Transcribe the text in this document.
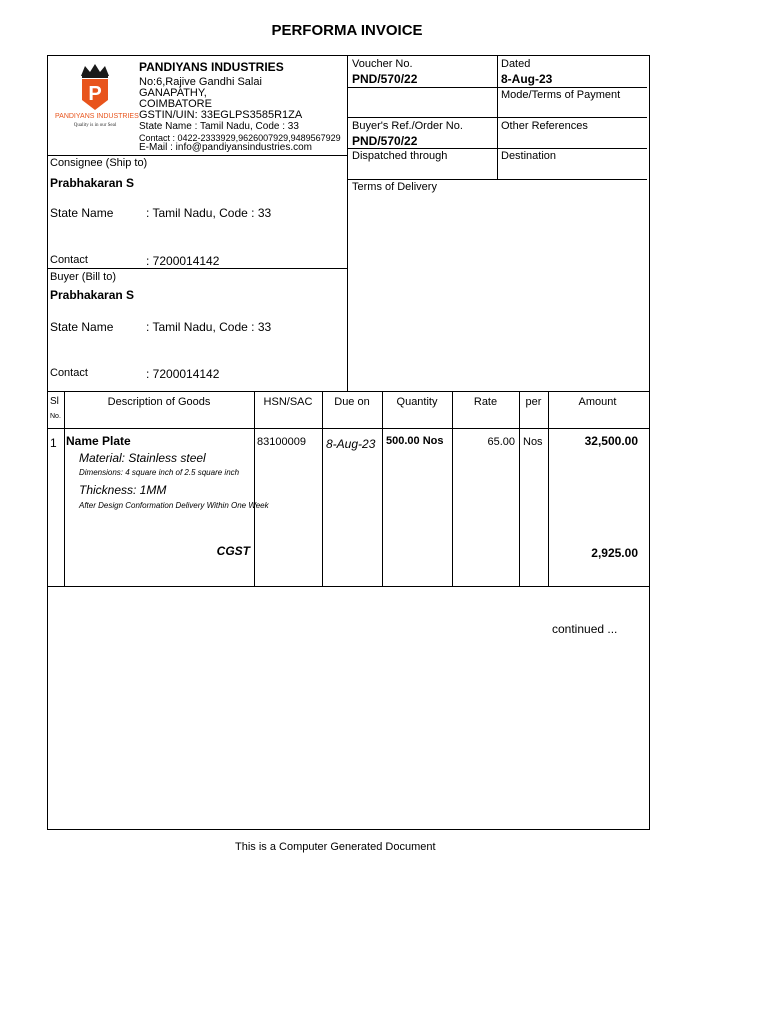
PERFORMA INVOICE
P
PANDIYANS INDUSTRIES
Quality is in our Seal
PANDIYANS INDUSTRIES
No:6,Rajive Gandhi Salai
GANAPATHY,
COIMBATORE
GSTIN/UIN: 33EGLPS3585R1ZA
State Name : Tamil Nadu, Code : 33
Contact : 0422-2333929,9626007929,9489567929
E-Mail : info@pandiyansindustries.com
Voucher No.
PND/570/22
Dated
8-Aug-23
Mode/Terms of Payment
Buyer's Ref./Order No.
PND/570/22
Other References
Dispatched through	Destination
Terms of Delivery
Consignee (Ship to)
Prabhakaran S
State Name	: Tamil Nadu, Code : 33
Contact	: 7200014142
Buyer (Bill to)
Prabhakaran S
State Name	: Tamil Nadu, Code : 33
Contact	: 7200014142
Sl
No.
Description of Goods	HSN/SAC	Due on	Quantity	Rate	per	Amount
1 Name Plate
Material: Stainless steel
Dimensions: 4 square inch of 2.5 square inch
Thickness: 1MM
After Design Conformation Delivery Within One Week
83100009 8-Aug-23 500.00 Nos	65.00 Nos	32,500.00
CGST	2,925.00
continued ...
This is a Computer Generated Document
